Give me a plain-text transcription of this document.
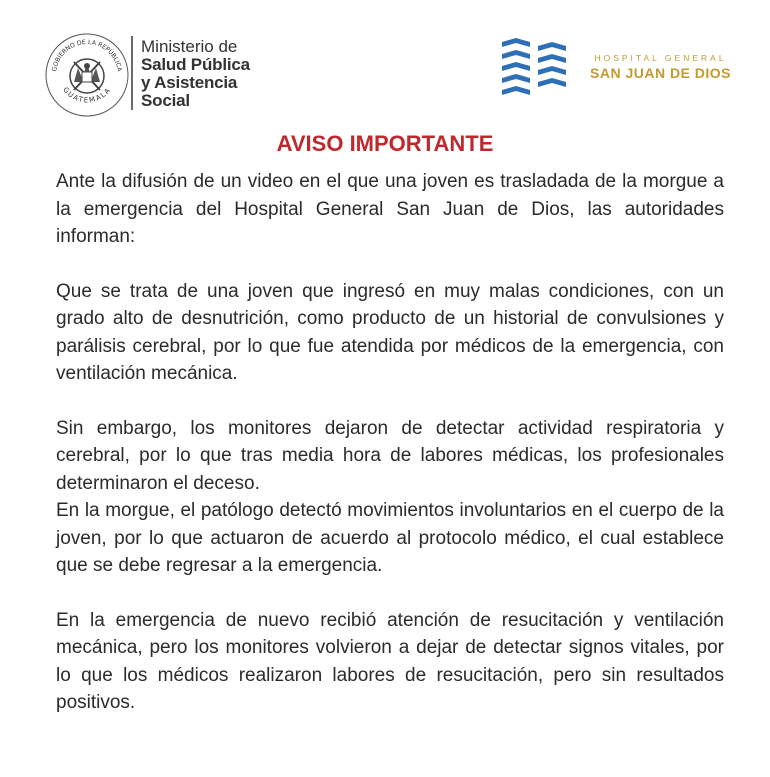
GOBIERNO DE LA REPÚBLICA
GUATEMALA
Ministerio de
Salud Pública
y Asistencia
Social
HOSPITAL GENERAL
SAN JUAN DE DIOS
AVISO IMPORTANTE

Ante la difusión de un video en el que una joven es trasladada de la morgue a la emergencia del Hospital General San Juan de Dios, las autoridades informan:

Que se trata de una joven que ingresó en muy malas condiciones, con un grado alto de desnutrición, como producto de un historial de convulsiones y parálisis cerebral, por lo que fue atendida por médicos de la emergencia, con ventilación mecánica.

Sin embargo, los monitores dejaron de detectar actividad respiratoria y cerebral, por lo que tras media hora de labores médicas, los profesionales determinaron el deceso.

En la morgue, el patólogo detectó movimientos involuntarios en el cuerpo de la joven, por lo que actuaron de acuerdo al protocolo médico, el cual establece que se debe regresar a la emergencia.

En la emergencia de nuevo recibió atención de resucitación y ventilación mecánica, pero los monitores volvieron a dejar de detectar signos vitales, por lo que los médicos realizaron labores de resucitación, pero sin resultados positivos.
